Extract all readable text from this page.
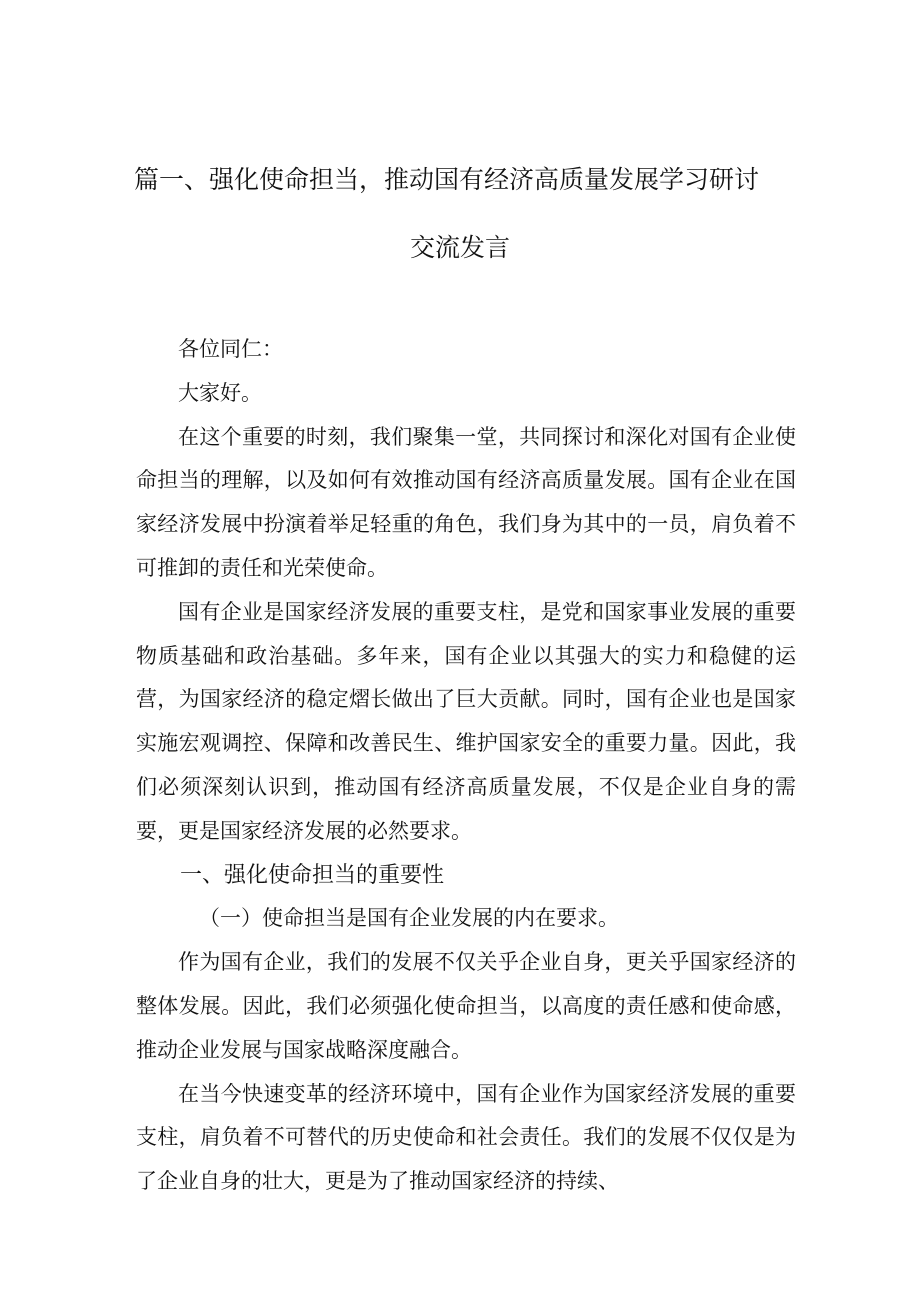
篇一、强化使命担当，推动国有经济高质量发展学习研讨
交流发言

各位同仁：

大家好。

在这个重要的时刻，我们聚集一堂，共同探讨和深化对国有企业使命担当的理解，以及如何有效推动国有经济高质量发展。国有企业在国家经济发展中扮演着举足轻重的角色，我们身为其中的一员，肩负着不可推卸的责任和光荣使命。

国有企业是国家经济发展的重要支柱，是党和国家事业发展的重要物质基础和政治基础。多年来，国有企业以其强大的实力和稳健的运营，为国家经济的稳定熠长做出了巨大贡献。同时，国有企业也是国家实施宏观调控、保障和改善民生、维护国家安全的重要力量。因此，我们必须深刻认识到，推动国有经济高质量发展，不仅是企业自身的需要，更是国家经济发展的必然要求。

一、强化使命担当的重要性

（一）使命担当是国有企业发展的内在要求。

作为国有企业，我们的发展不仅关乎企业自身，更关乎国家经济的整体发展。因此，我们必须强化使命担当，以高度的责任感和使命感，推动企业发展与国家战略深度融合。

在当今快速变革的经济环境中，国有企业作为国家经济发展的重要支柱，肩负着不可替代的历史使命和社会责任。我们的发展不仅仅是为了企业自身的壮大，更是为了推动国家经济的持续、
